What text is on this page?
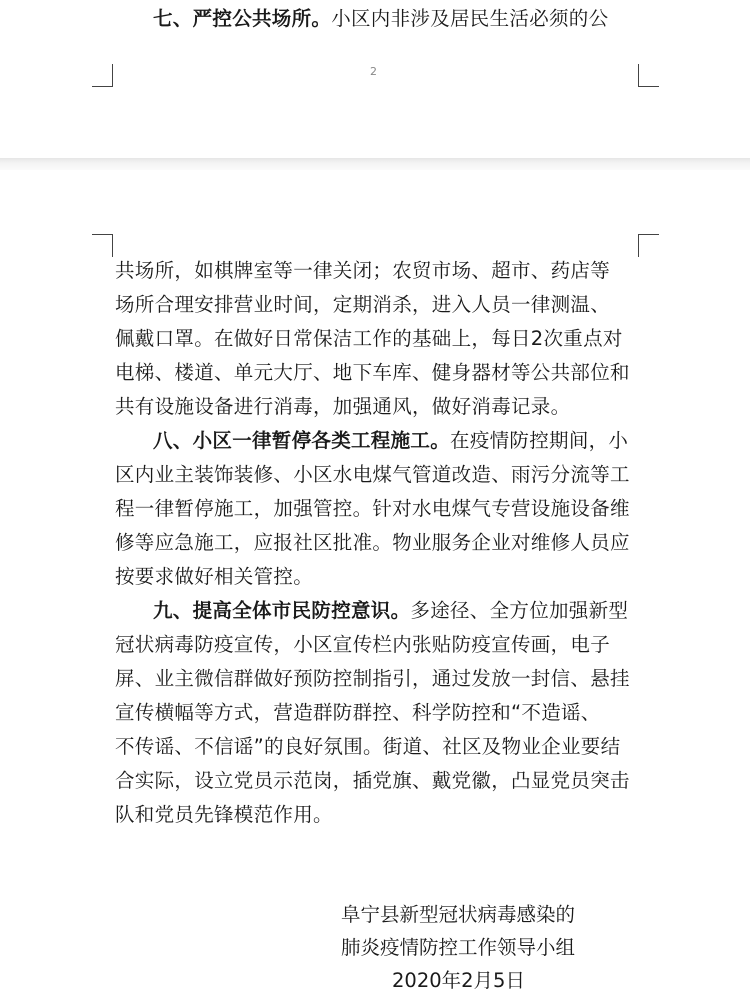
七、严控公共场所。小区内非涉及居民生活必须的公
2
共场所，如棋牌室等一律关闭；农贸市场、超市、药店等
场所合理安排营业时间，定期消杀，进入人员一律测温、
佩戴口罩。在做好日常保洁工作的基础上，每日2次重点对
电梯、楼道、单元大厅、地下车库、健身器材等公共部位和
共有设施设备进行消毒，加强通风，做好消毒记录。
八、小区一律暂停各类工程施工。在疫情防控期间，小
区内业主装饰装修、小区水电煤气管道改造、雨污分流等工
程一律暂停施工，加强管控。针对水电煤气专营设施设备维
修等应急施工，应报社区批准。物业服务企业对维修人员应
按要求做好相关管控。
九、提高全体市民防控意识。多途径、全方位加强新型
冠状病毒防疫宣传，小区宣传栏内张贴防疫宣传画，电子
屏、业主微信群做好预防控制指引，通过发放一封信、悬挂
宣传横幅等方式，营造群防群控、科学防控和“不造谣、
不传谣、不信谣”的良好氛围。街道、社区及物业企业要结
合实际，设立党员示范岗，插党旗、戴党徽，凸显党员突击
队和党员先锋模范作用。
阜宁县新型冠状病毒感染的
肺炎疫情防控工作领导小组
2020年2月5日
